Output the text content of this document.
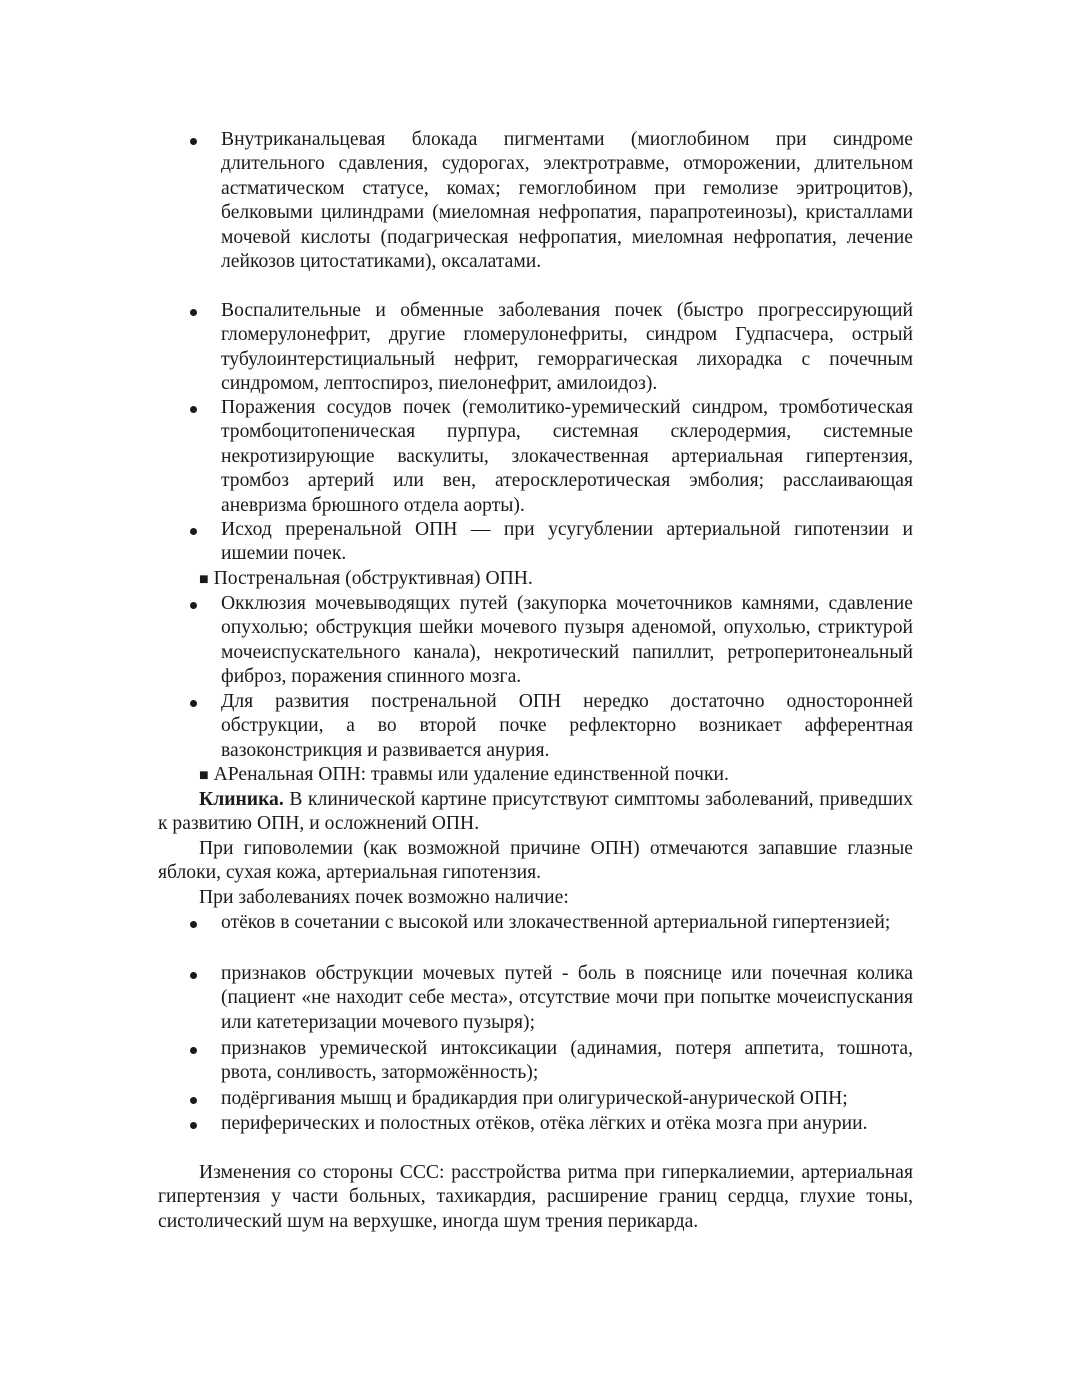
Внутриканальцевая блокада пигментами (миоглобином при синдроме длительного сдавления, судорогах, электротравме, отморожении, длительном астматическом статусе, комах; гемоглобином при гемолизе эритроцитов), белковыми цилиндрами (миеломная нефропатия, парапротеинозы), кристаллами мочевой кислоты (подагрическая нефропатия, миеломная нефропатия, лечение лейкозов цитостатиками), оксалатами.
Воспалительные и обменные заболевания почек (быстро прогрессирующий гломерулонефрит, другие гломерулонефриты, синдром Гудпасчера, острый тубулоинтерстициальный нефрит, геморрагическая лихорадка с почечным синдромом, лептоспироз, пиелонефрит, амилоидоз).
Поражения сосудов почек (гемолитико-уремический синдром, тромботическая тромбоцитопеническая пурпура, системная склеродермия, системные некротизирующие васкулиты, злокачественная артериальная гипертензия, тромбоз артерий или вен, атеросклеротическая эмболия; расслаивающая аневризма брюшного отдела аорты).
Исход преренальной ОПН — при усугублении артериальной гипотензии и ишемии почек.
■ Постренальная (обструктивная) ОПН.
Окклюзия мочевыводящих путей (закупорка мочеточников камнями, сдавление опухолью; обструкция шейки мочевого пузыря аденомой, опухолью, стриктурой мочеиспускательного канала), некротический папиллит, ретроперитонеальный фиброз, поражения спинного мозга.
Для развития постренальной ОПН нередко достаточно односторонней обструкции, а во второй почке рефлекторно возникает афферентная вазоконстрикция и развивается анурия.
■ АРенальная ОПН: травмы или удаление единственной почки.
Клиника. В клинической картине присутствуют симптомы заболеваний, приведших к развитию ОПН, и осложнений ОПН.
При гиповолемии (как возможной причине ОПН) отмечаются запавшие глазные яблоки, сухая кожа, артериальная гипотензия.
При заболеваниях почек возможно наличие:
отёков в сочетании с высокой или злокачественной артериальной гипертензией;
признаков обструкции мочевых путей - боль в пояснице или почечная колика (пациент «не находит себе места», отсутствие мочи при попытке мочеиспускания или катетеризации мочевого пузыря);
признаков уремической интоксикации (адинамия, потеря аппетита, тошнота, рвота, сонливость, заторможённость);
подёргивания мышц и брадикардия при олигурической-анурической ОПН;
периферических и полостных отёков, отёка лёгких и отёка мозга при анурии.
Изменения со стороны ССС: расстройства ритма при гиперкалиемии, артериальная гипертензия у части больных, тахикардия, расширение границ сердца, глухие тоны, систолический шум на верхушке, иногда шум трения перикарда.
